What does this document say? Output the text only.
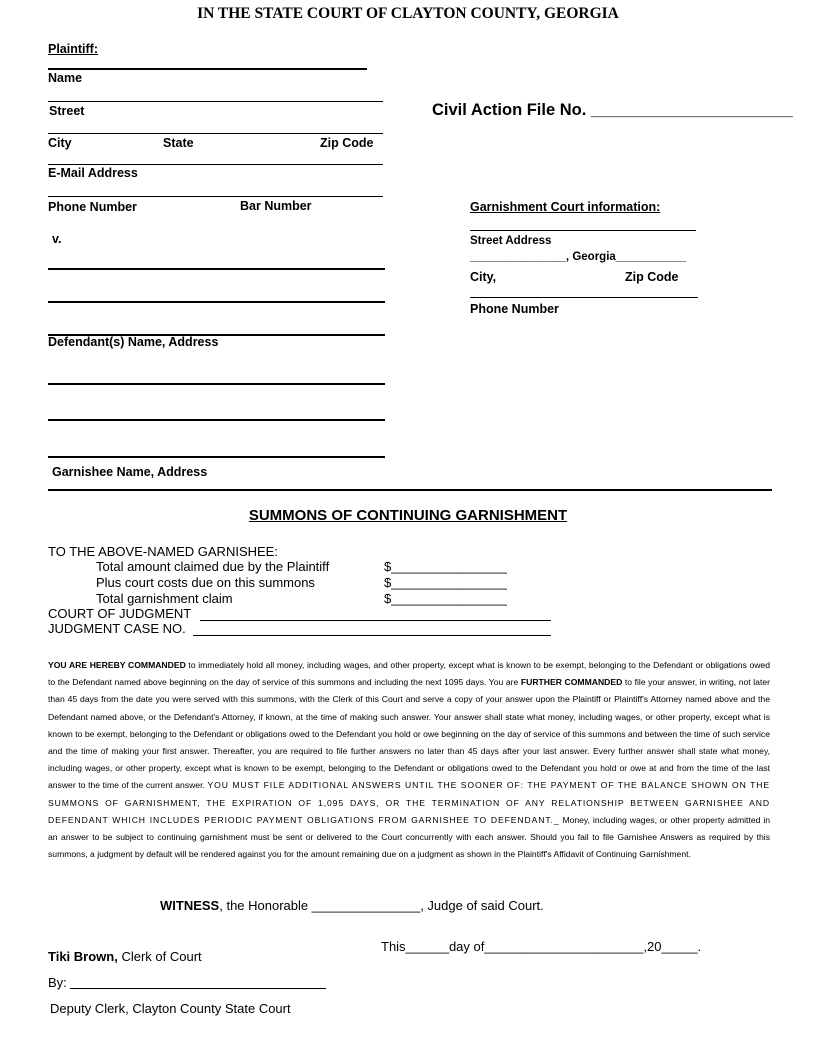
IN THE STATE COURT OF CLAYTON COUNTY, GEORGIA
Plaintiff:
Name
Street
City	State	Zip Code
E-Mail Address
Phone Number	Bar Number
v.
Defendant(s) Name, Address
Garnishee Name, Address
Civil Action File No. ______________________
Garnishment Court information:
Street Address
_______________, Georgia___________
City,	Zip Code
Phone Number
SUMMONS OF CONTINUING GARNISHMENT
TO THE ABOVE-NAMED GARNISHEE:
Total amount claimed due by the Plaintiff	$________________
Plus court costs due on this summons	$________________
Total garnishment claim	$________________
COURT OF JUDGMENT
JUDGMENT CASE NO.
YOU ARE HEREBY COMMANDED to immediately hold all money, including wages, and other property, except what is known to be exempt, belonging to the Defendant or obligations owed to the Defendant named above beginning on the day of service of this summons and including the next 1095 days. You are FURTHER COMMANDED to file your answer, in writing, not later than 45 days from the date you were served with this summons, with the Clerk of this Court and serve a copy of your answer upon the Plaintiff or Plaintiff's Attorney named above and the Defendant named above, or the Defendant's Attorney, if known, at the time of making such answer. Your answer shall state what money, including wages, or other property, except what is known to be exempt, belonging to the Defendant or obligations owed to the Defendant you hold or owe beginning on the day of service of this summons and between the time of such service and the time of making your first answer. Thereafter, you are required to file further answers no later than 45 days after your last answer. Every further answer shall state what money, including wages, or other property, except what is known to be exempt, belonging to the Defendant or obligations owed to the Defendant you hold or owe at and from the time of the last answer to the time of the current answer. YOU MUST FILE ADDITIONAL ANSWERS UNTIL THE SOONER OF: THE PAYMENT OF THE BALANCE SHOWN ON THE SUMMONS OF GARNISHMENT, THE EXPIRATION OF 1,095 DAYS, OR THE TERMINATION OF ANY RELATIONSHIP BETWEEN GARNISHEE AND DEFENDANT WHICH INCLUDES PERIODIC PAYMENT OBLIGATIONS FROM GARNISHEE TO DEFENDANT._ Money, including wages, or other property admitted in an answer to be subject to continuing garnishment must be sent or delivered to the Court concurrently with each answer. Should you fail to file Garnishee Answers as required by this summons, a judgment by default will be rendered against you for the amount remaining due on a judgment as shown in the Plaintiff's Affidavit of Continuing Garnishment.
WITNESS, the Honorable _______________, Judge of said Court.
This______day of______________________,20_____.
Tiki Brown, Clerk of Court
By:
Deputy Clerk, Clayton County State Court
